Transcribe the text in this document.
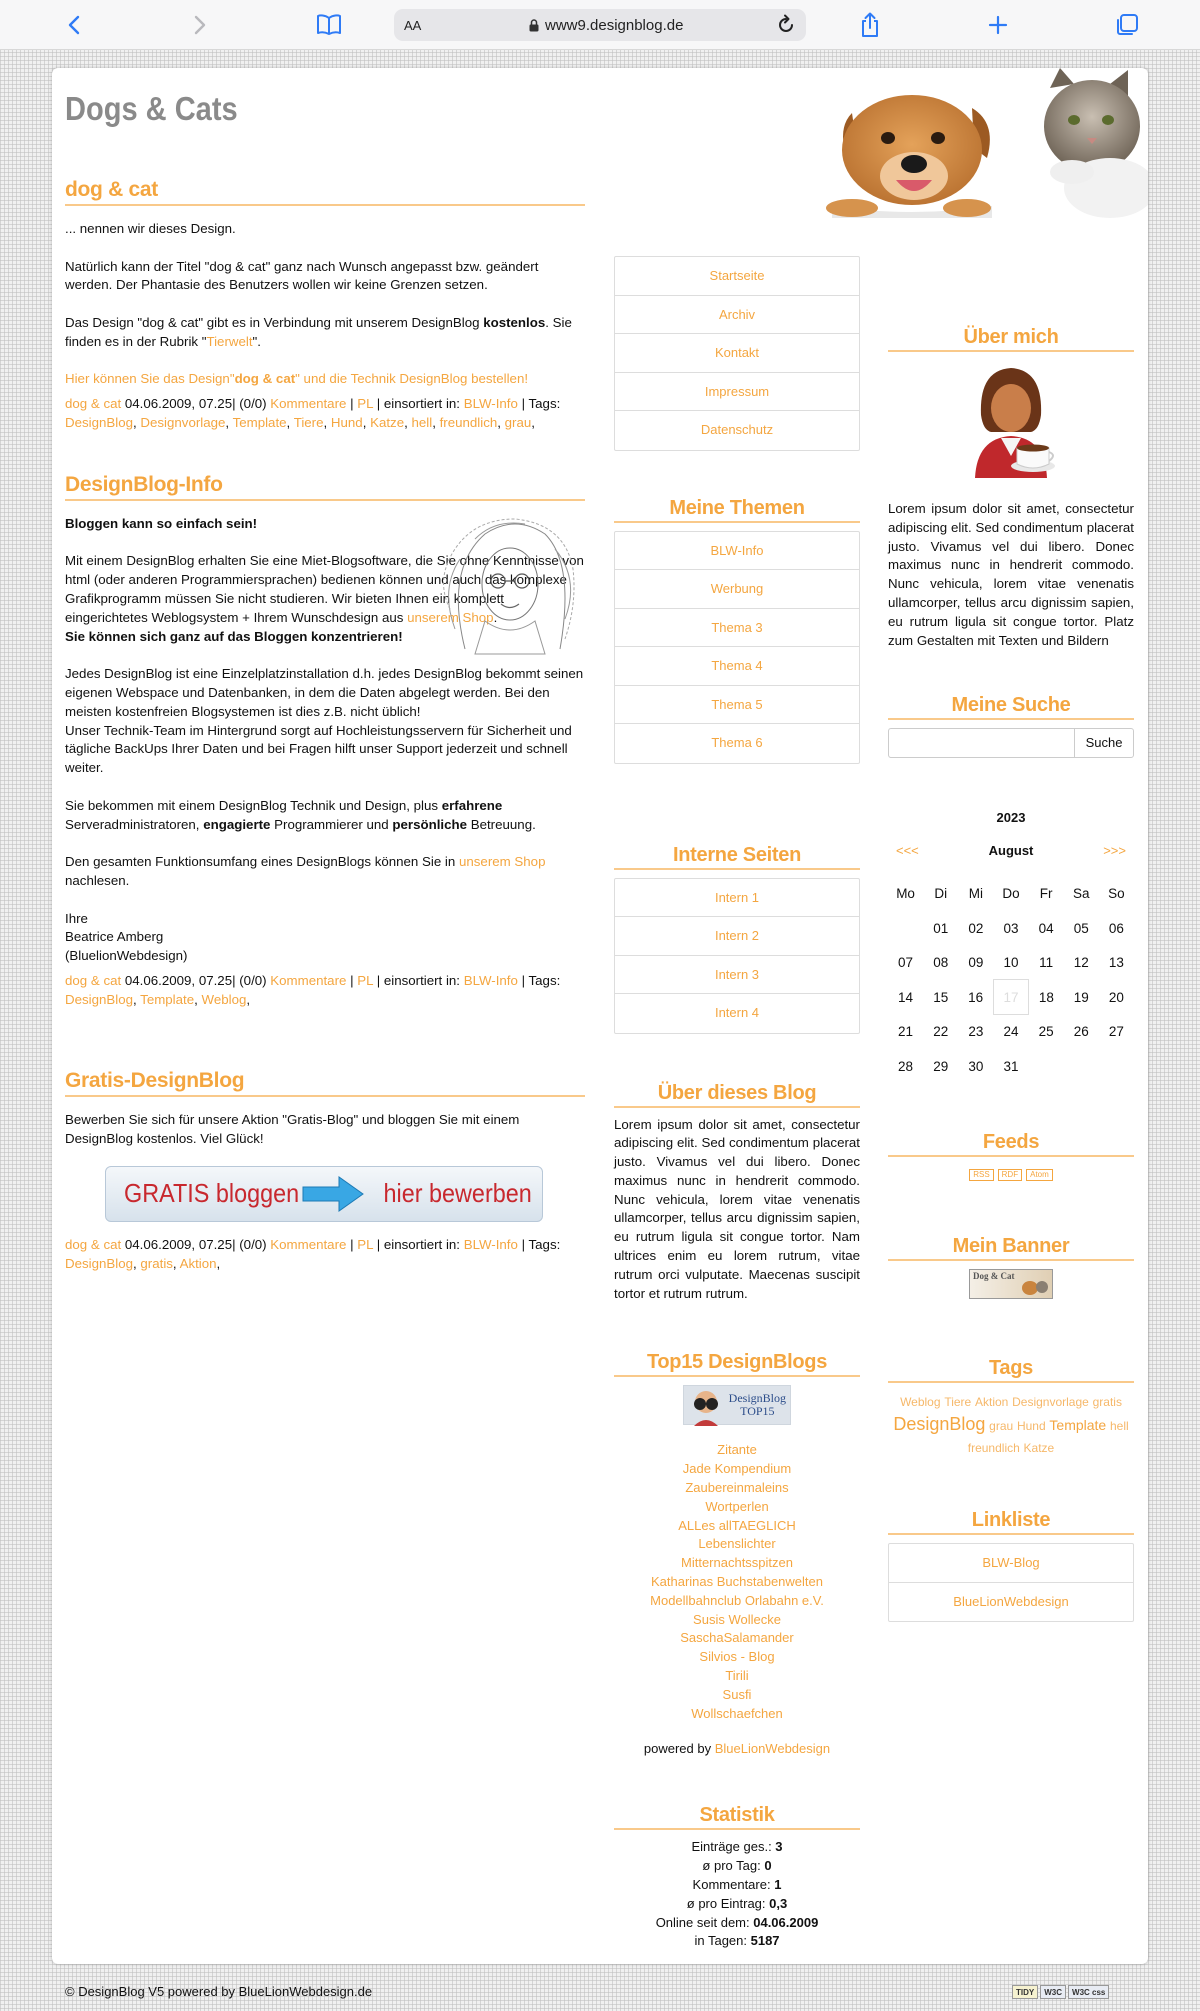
AA	www9.designblog.de
Dogs & Cats
dog & cat

... nennen wir dieses Design.

Natürlich kann der Titel "dog & cat" ganz nach Wunsch angepasst bzw. geändert werden. Der Phantasie des Benutzers wollen wir keine Grenzen setzen.

Das Design "dog & cat" gibt es in Verbindung mit unserem DesignBlog kostenlos. Sie finden es in der Rubrik "Tierwelt".

Hier können Sie das Design"dog & cat" und die Technik DesignBlog bestellen!

dog & cat 04.06.2009, 07.25| (0/0) Kommentare | PL | einsortiert in: BLW-Info | Tags:
DesignBlog, Designvorlage, Template, Tiere, Hund, Katze, hell, freundlich, grau,

DesignBlog-Info

Bloggen kann so einfach sein!

Mit einem DesignBlog erhalten Sie eine Miet-Blogsoftware, die Sie ohne Kenntnisse von html (oder anderen Programmiersprachen) bedienen können und auch das komplexe Grafikprogramm müssen Sie nicht studieren. Wir bieten Ihnen ein komplett eingerichtetes Weblogsystem + Ihrem Wunschdesign aus unserem Shop.
Sie können sich ganz auf das Bloggen konzentrieren!

Jedes DesignBlog ist eine Einzelplatzinstallation d.h. jedes DesignBlog bekommt seinen eigenen Webspace und Datenbanken, in dem die Daten abgelegt werden. Bei den meisten kostenfreien Blogsystemen ist dies z.B. nicht üblich!
Unser Technik-Team im Hintergrund sorgt auf Hochleistungsservern für Sicherheit und tägliche BackUps Ihrer Daten und bei Fragen hilft unser Support jederzeit und schnell weiter.

Sie bekommen mit einem DesignBlog Technik und Design, plus erfahrene Serveradministratoren, engagierte Programmierer und persönliche Betreuung.

Den gesamten Funktionsumfang eines DesignBlogs können Sie in unserem Shop nachlesen.

Ihre
Beatrice Amberg
(BluelionWebdesign)

dog & cat 04.06.2009, 07.25| (0/0) Kommentare | PL | einsortiert in: BLW-Info | Tags:
DesignBlog, Template, Weblog,

Gratis-DesignBlog

Bewerben Sie sich für unsere Aktion "Gratis-Blog" und bloggen Sie mit einem DesignBlog kostenlos. Viel Glück!

GRATIS bloggen	hier bewerben

dog & cat 04.06.2009, 07.25| (0/0) Kommentare | PL | einsortiert in: BLW-Info | Tags:
DesignBlog, gratis, Aktion,

Startseite
Archiv
Kontakt
Impressum
Datenschutz
Meine Themen
BLW-Info
Werbung
Thema 3
Thema 4
Thema 5
Thema 6
Interne Seiten
Intern 1
Intern 2
Intern 3
Intern 4
Über dieses Blog
Lorem ipsum dolor sit amet, consectetur adipiscing elit. Sed condimentum placerat justo. Vivamus vel dui libero. Donec maximus nunc in hendrerit commodo. Nunc vehicula, lorem vitae venenatis ullamcorper, tellus arcu dignissim sapien, eu rutrum ligula sit congue tortor. Nam ultrices enim eu lorem rutrum, vitae rutrum orci vulputate. Maecenas suscipit tortor et rutrum rutrum.
Top15 DesignBlogs
DesignBlog
TOP15
Zitante
Jade Kompendium
Zaubereinmaleins
Wortperlen
ALLes allTAEGLICH
Lebenslichter
Mitternachtsspitzen
Katharinas Buchstabenwelten
Modellbahnclub Orlabahn e.V.
Susis Wollecke
SaschaSalamander
Silvios - Blog
Tirili
Susfi
Wollschaefchen
powered by BlueLionWebdesign
Statistik
Einträge ges.: 3
ø pro Tag: 0
Kommentare: 1
ø pro Eintrag: 0,3
Online seit dem: 04.06.2009
in Tagen: 5187
Über mich
Lorem ipsum dolor sit amet, consectetur adipiscing elit. Sed condimentum placerat justo. Vivamus vel dui libero. Donec maximus nunc in hendrerit commodo. Nunc vehicula, lorem vitae venenatis ullamcorper, tellus arcu dignissim sapien, eu rutrum ligula sit congue tortor. Platz zum Gestalten mit Texten und Bildern
Meine Suche
Suche
2023
<<<	August	>>>
Mo	Di	Mi	Do	Fr	Sa	So
	01	02	03	04	05	06
07	08	09	10	11	12	13
14	15	16	17	18	19	20
21	22	23	24	25	26	27
28	29	30	31			
Feeds
RSS RDF Atom
Mein Banner
Dog & Cat
Tags
Weblog Tiere Aktion Designvorlage gratis DesignBlog grau Hund Template hell freundlich Katze
Linkliste
BLW-Blog
BlueLionWebdesign
© DesignBlog V5 powered by BlueLionWebdesign.de	TIDY	W3C	W3C css
